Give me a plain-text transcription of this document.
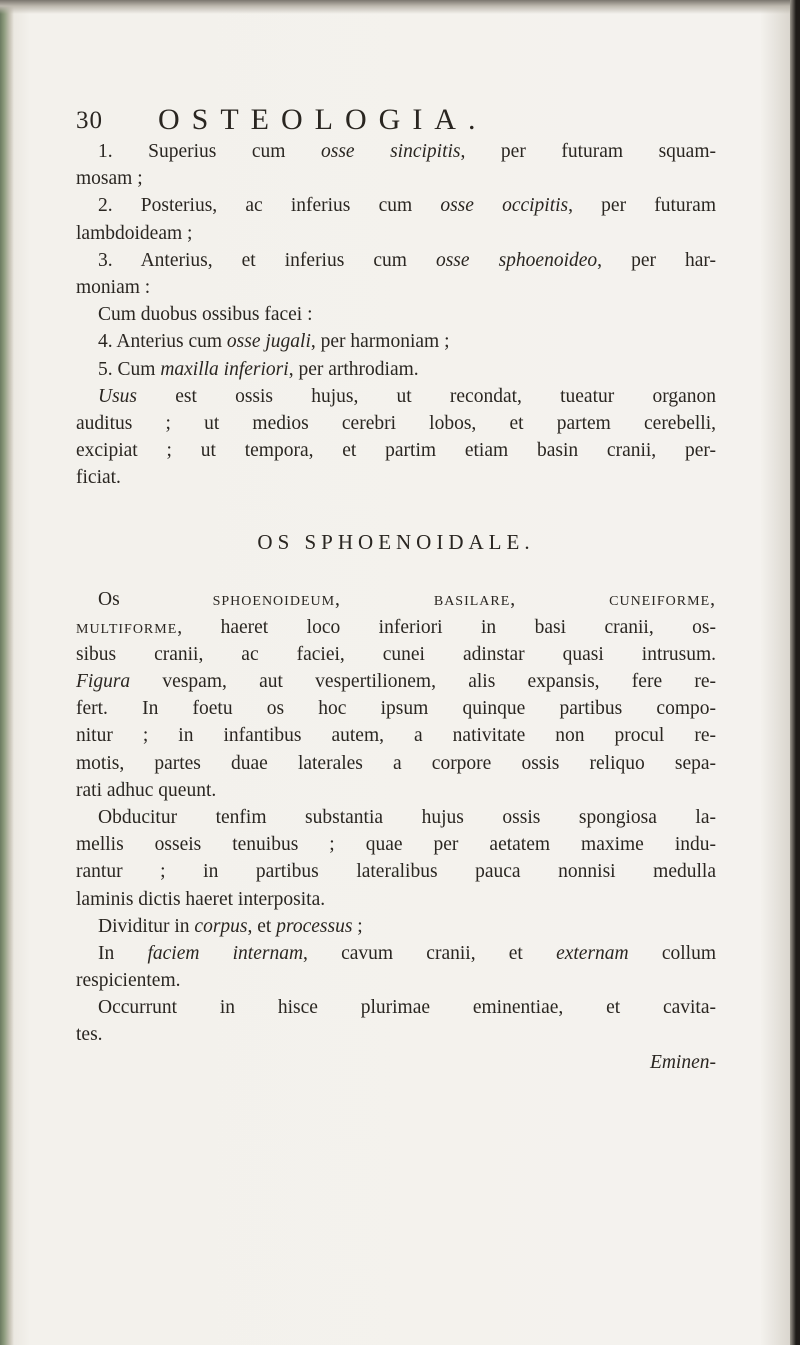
30 OSTEOLOGIA.
1. Superius cum osse sincipitis, per futuram squam-
mosam ;
2. Posterius, ac inferius cum osse occipitis, per futuram
lambdoideam ;
3. Anterius, et inferius cum osse sphoenoideo, per har-
moniam :
Cum duobus ossibus facei :
4. Anterius cum osse jugali, per harmoniam ;
5. Cum maxilla inferiori, per arthrodiam.
Usus est ossis hujus, ut recondat, tueatur organon
auditus ; ut medios cerebri lobos, et partem cerebelli,
excipiat ; ut tempora, et partim etiam basin cranii, per-
ficiat.
OS SPHOENOIDALE.
Os sphoenoideum, basilare, cuneiforme,
multiforme, haeret loco inferiori in basi cranii, os-
sibus cranii, ac faciei, cunei adinstar quasi intrusum.
Figura vespam, aut vespertilionem, alis expansis, fere re-
fert. In foetu os hoc ipsum quinque partibus compo-
nitur ; in infantibus autem, a nativitate non procul re-
motis, partes duae laterales a corpore ossis reliquo sepa-
rati adhuc queunt.
Obducitur tenfim substantia hujus ossis spongiosa la-
mellis osseis tenuibus ; quae per aetatem maxime indu-
rantur ; in partibus lateralibus pauca nonnisi medulla
laminis dictis haeret interposita.
Dividitur in corpus, et processus ;
In faciem internam, cavum cranii, et externam collum
respicientem.
Occurrunt in hisce plurimae eminentiae, et cavita-
tes.
Eminen-
